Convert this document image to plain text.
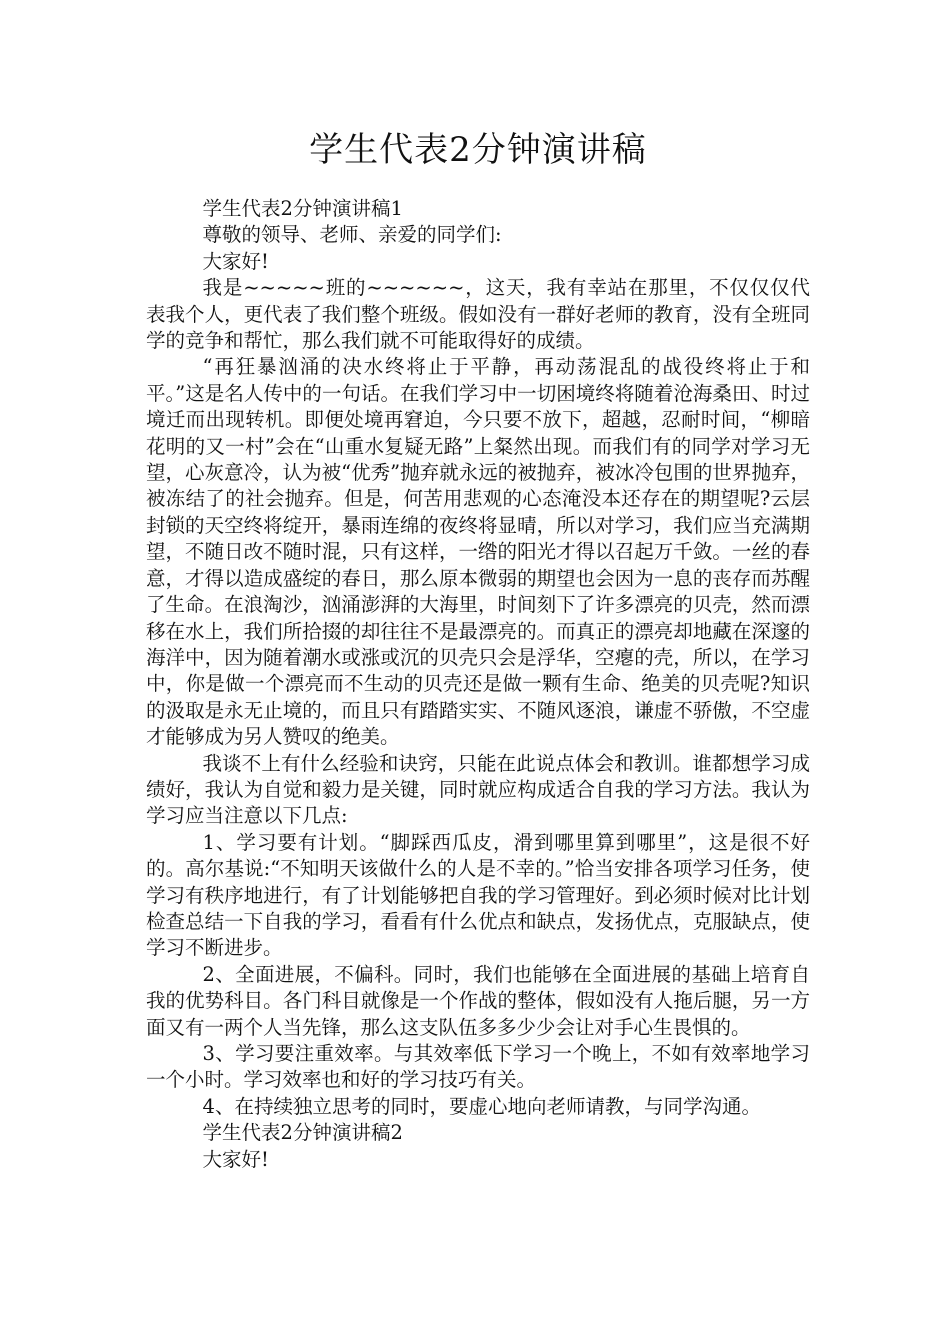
学生代表2分钟演讲稿

学生代表2分钟演讲稿1

尊敬的领导、老师、亲爱的同学们:

大家好!

我是~~~~~班的~~~~~~，这天，我有幸站在那里，不仅仅仅代表我个人，更代表了我们整个班级。假如没有一群好老师的教育，没有全班同学的竞争和帮忙，那么我们就不可能取得好的成绩。

“再狂暴汹涌的决水终将止于平静，再动荡混乱的战役终将止于和平。”这是名人传中的一句话。在我们学习中一切困境终将随着沧海桑田、时过境迁而出现转机。即便处境再窘迫，今只要不放下，超越，忍耐时间，“柳暗花明的又一村”会在“山重水复疑无路”上粲然出现。而我们有的同学对学习无望，心灰意冷，认为被“优秀”抛弃就永远的被抛弃，被冰冷包围的世界抛弃，被冻结了的社会抛弃。但是，何苦用悲观的心态淹没本还存在的期望呢?云层封锁的天空终将绽开，暴雨连绵的夜终将显晴，所以对学习，我们应当充满期望，不随日改不随时混，只有这样，一绺的阳光才得以召起万千敛。一丝的春意，才得以造成盛绽的春日，那么原本微弱的期望也会因为一息的丧存而苏醒了生命。在浪淘沙，汹涌澎湃的大海里，时间刻下了许多漂亮的贝壳，然而漂移在水上，我们所拾掇的却往往不是最漂亮的。而真正的漂亮却地藏在深邃的海洋中，因为随着潮水或涨或沉的贝壳只会是浮华，空瘪的壳，所以，在学习中，你是做一个漂亮而不生动的贝壳还是做一颗有生命、绝美的贝壳呢?知识的汲取是永无止境的，而且只有踏踏实实、不随风逐浪，谦虚不骄傲，不空虚才能够成为另人赞叹的绝美。

我谈不上有什么经验和诀窍，只能在此说点体会和教训。谁都想学习成绩好，我认为自觉和毅力是关键，同时就应构成适合自我的学习方法。我认为学习应当注意以下几点:

1、学习要有计划。“脚踩西瓜皮，滑到哪里算到哪里”，这是很不好的。高尔基说:“不知明天该做什么的人是不幸的。”恰当安排各项学习任务，使学习有秩序地进行，有了计划能够把自我的学习管理好。到必须时候对比计划检查总结一下自我的学习，看看有什么优点和缺点，发扬优点，克服缺点，使学习不断进步。

2、全面进展，不偏科。同时，我们也能够在全面进展的基础上培育自我的优势科目。各门科目就像是一个作战的整体，假如没有人拖后腿，另一方面又有一两个人当先锋，那么这支队伍多多少少会让对手心生畏惧的。

3、学习要注重效率。与其效率低下学习一个晚上，不如有效率地学习一个小时。学习效率也和好的学习技巧有关。

4、在持续独立思考的同时，要虚心地向老师请教，与同学沟通。

学生代表2分钟演讲稿2

大家好!
